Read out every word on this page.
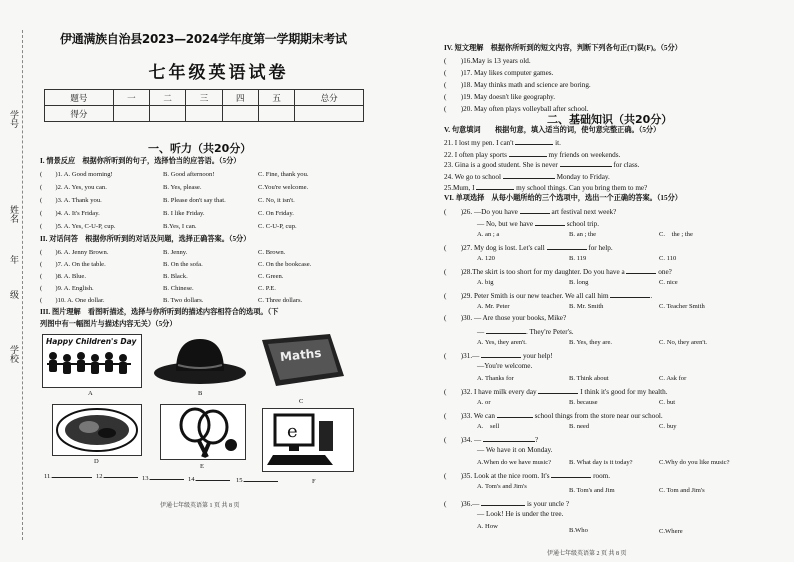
学号
姓名
年
级
学校
伊通满族自治县2023—2024学年度第一学期期末考试
七年级英语试卷
题号	一	二	三	四	五	总分
得分						
一、听力（共20分）
I. 情景反应　根据你所听到的句子，选择恰当的应答语。（5分）
(　　)1. A. Good morning!	B. Good afternoon!	C. Fine, thank you.
(　　)2. A. Yes, you can.	B. Yes, please.	C.You're welcome.
(　　)3. A. Thank you.	B. Please don't say that.	C. No, it isn't.
(　　)4. A. It's Friday.	B. I like Friday.	C. On Friday.
(　　)5. A. Yes, C-U-P, cup.	B.Yes, I can.	C. C-U-P, cup.
II. 对话问答　根据你所听到的对话及问题，选择正确答案。（5分）
(　　)6. A. Jenny Brown.	B. Jenny.	C. Brown.
(　　)7. A. On the table.	B. On the sofa.	C. On the bookcase.
(　　)8. A. Blue.	B. Black.	C. Green.
(　　)9. A. English.	B. Chinese.	C. P.E.
(　　)10. A. One dollar.	B. Two dollars.	C. Three dollars.
III. 图片理解　看图听描述，选择与你所听到的描述内容相符合的选项。（下
列图中有一幅图片与描述内容无关）（5分）
Happy Children's Day
A	B
Maths
C
D
E
e
F
11.	12.	13.	14.	15.
伊通七年级英语第 1 页 共 8 页
IV. 短文理解　根据你所听到的短文内容，判断下列各句正(T)误(F)。（5分）
(　　)16.May is 13 years old.
(　　)17. May likes computer games.
(　　)18. May thinks math and science are boring.
(　　)19. May doesn't like geography.
(　　)20. May often plays volleyball after school.
二、基础知识（共20分）
V. 句意填词　　根据句意，填入适当的词，使句意完整正确。（5分）
21. I lost my pen. I can't	it.
22. I often play sports	my friends on weekends.
23. Gina is a good student. She is never	for class.
24. We go to school	Monday to Friday.
25.Mum, I	my school things. Can you bring them to me?
VI. 单项选择　从每小题所给的三个选项中，选出一个正确的答案。（15分）
(　　)26. —Do you have	art festival next week?
— No, but we have	school trip.
A. an ; a	B. an ; the	C.　the ; the
(　　)27. My dog is lost. Let's call	for help.
A. 120	B. 119	C. 110
(　　)28.The skirt is too short for my daughter. Do you have a	one?
A. big	B. long	C. nice
(　　)29. Peter Smith is our new teacher. We all call him	.
A. Mr. Peter	B. Mr. Smith	C. Teacher Smith
(　　)30. — Are those your books, Mike?
—	. They're Peter's.
A. Yes, they aren't.	B. Yes, they are.	C. No, they aren't.
(　　)31.—	your help!
—You're welcome.
A. Thanks for	B. Think about	C. Ask for
(　　)32. I have milk every day	I think it's good for my health.
A. or	B. because	C. but
(　　)33. We can	school things from the store near our school.
A.　sell	B. need	C. buy
(　　)34. —	?
— We have it on Monday.
A.When do we have music?	B. What day is it today?	C.Why do you like music?
(　　)35. Look at the nice room. It's	room.
A. Tom's and Jim's
B. Tom's and Jim	C. Tom and Jim's
(　　)36.—	is your uncle ?
— Look! He is under the tree.
A. How
B.Who	C.Where
伊通七年级英语第 2 页 共 8 页
